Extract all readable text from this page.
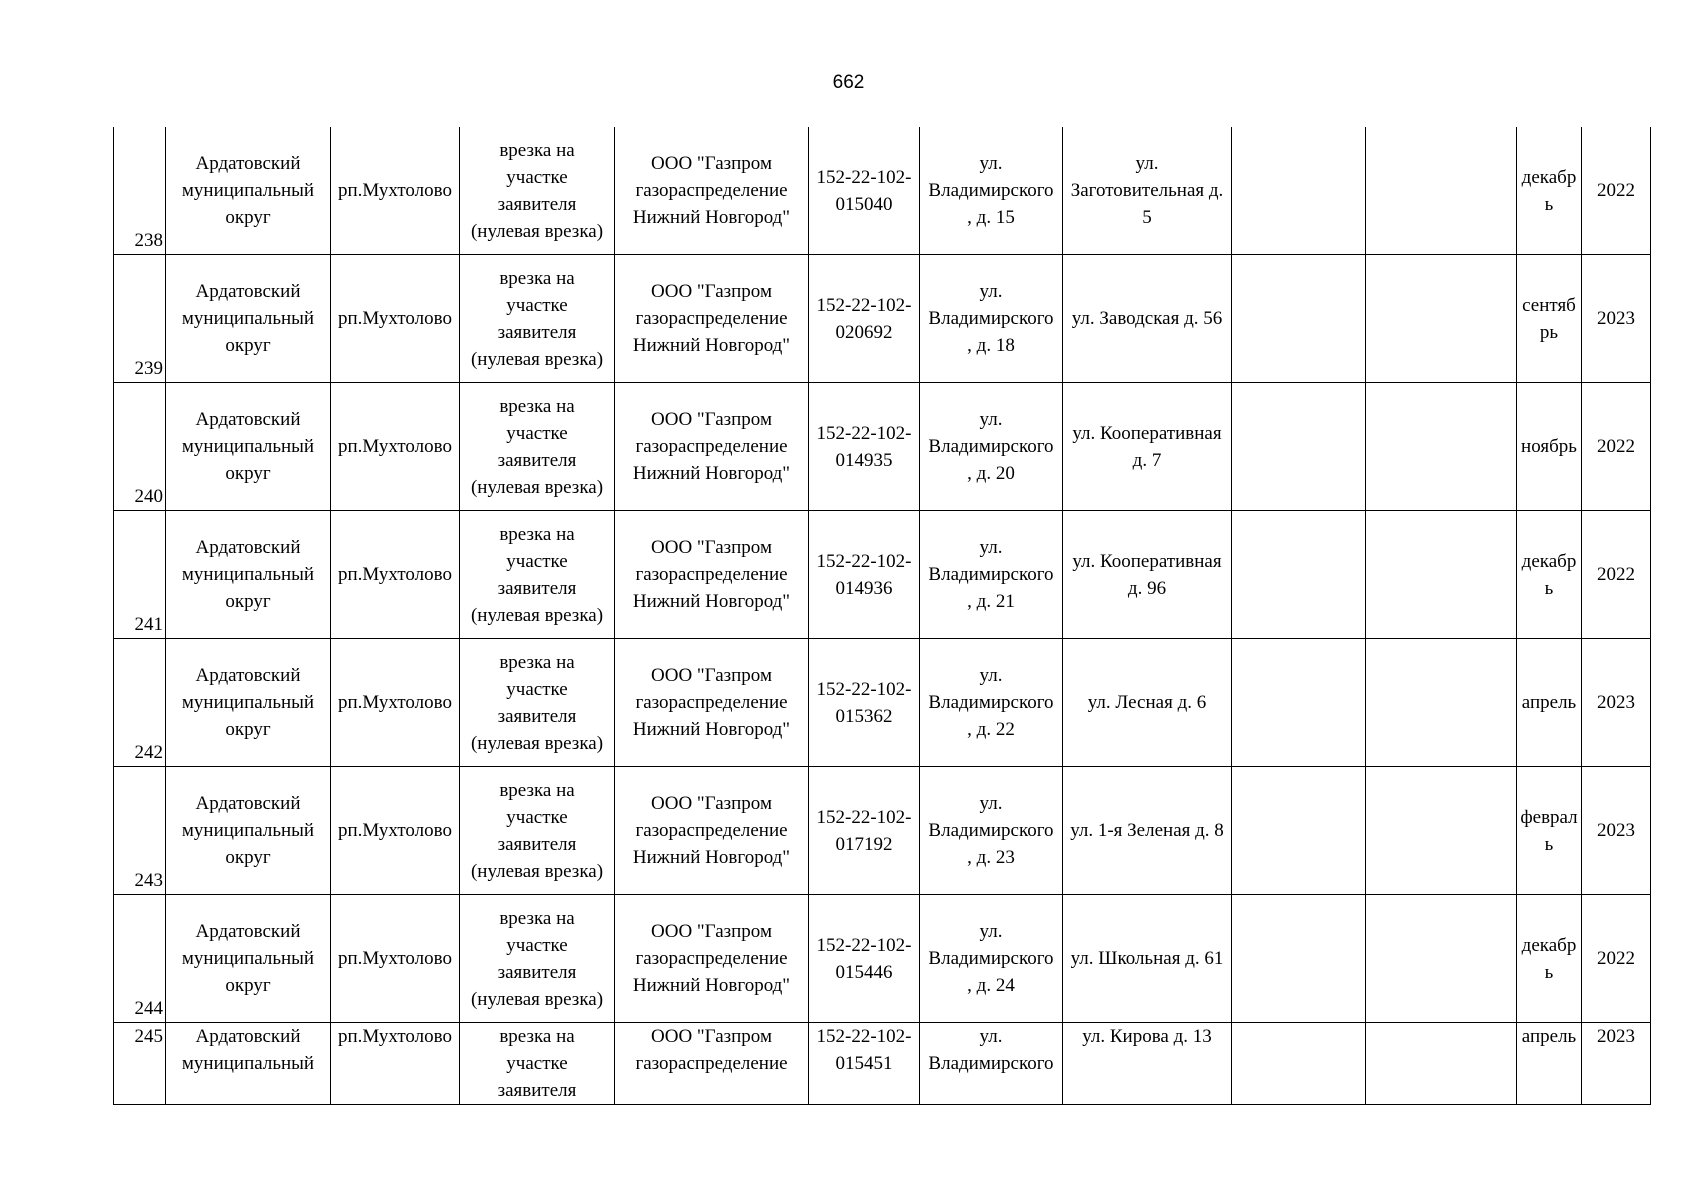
662
238	Ардатовский
муниципальный
округ	рп.Мухтолово	врезка на
участке
заявителя
(нулевая врезка)	ООО "Газпром
газораспределение
Нижний Новгород"	152-22-102-
015040	ул.
Владимирского
, д. 15	ул.
Заготовительная д.
5			декабр
ь	2022
239	Ардатовский
муниципальный
округ	рп.Мухтолово	врезка на
участке
заявителя
(нулевая врезка)	ООО "Газпром
газораспределение
Нижний Новгород"	152-22-102-
020692	ул.
Владимирского
, д. 18	ул. Заводская д. 56			сентяб
рь	2023
240	Ардатовский
муниципальный
округ	рп.Мухтолово	врезка на
участке
заявителя
(нулевая врезка)	ООО "Газпром
газораспределение
Нижний Новгород"	152-22-102-
014935	ул.
Владимирского
, д. 20	ул. Кооперативная
д. 7			ноябрь	2022
241	Ардатовский
муниципальный
округ	рп.Мухтолово	врезка на
участке
заявителя
(нулевая врезка)	ООО "Газпром
газораспределение
Нижний Новгород"	152-22-102-
014936	ул.
Владимирского
, д. 21	ул. Кооперативная
д. 96			декабр
ь	2022
242	Ардатовский
муниципальный
округ	рп.Мухтолово	врезка на
участке
заявителя
(нулевая врезка)	ООО "Газпром
газораспределение
Нижний Новгород"	152-22-102-
015362	ул.
Владимирского
, д. 22	ул. Лесная д. 6			апрель	2023
243	Ардатовский
муниципальный
округ	рп.Мухтолово	врезка на
участке
заявителя
(нулевая врезка)	ООО "Газпром
газораспределение
Нижний Новгород"	152-22-102-
017192	ул.
Владимирского
, д. 23	ул. 1-я Зеленая д. 8			феврал
ь	2023
244	Ардатовский
муниципальный
округ	рп.Мухтолово	врезка на
участке
заявителя
(нулевая врезка)	ООО "Газпром
газораспределение
Нижний Новгород"	152-22-102-
015446	ул.
Владимирского
, д. 24	ул. Школьная д. 61			декабр
ь	2022
245	Ардатовский
муниципальный	рп.Мухтолово	врезка на
участке
заявителя	ООО "Газпром
газораспределение	152-22-102-
015451	ул.
Владимирского	ул. Кирова д. 13			апрель	2023
